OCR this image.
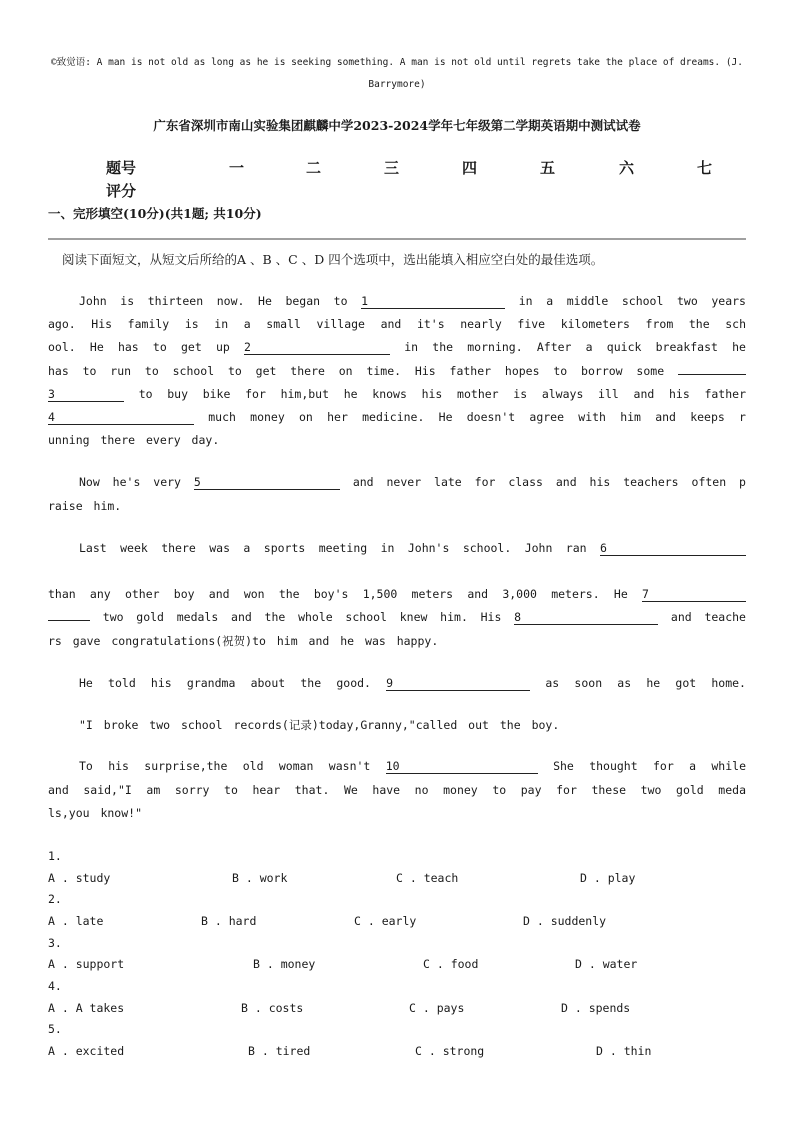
©致觉语: A man is not old as long as he is seeking something. A man is not old until regrets take the place of dreams. (J. Barrymore)
广东省深圳市南山实验集团麒麟中学2023-2024学年七年级第二学期英语期中测试试卷
题号	一	二	三	四	五	六	七
评分
一、完形填空(10分)(共1题; 共10分)
阅读下面短文，从短文后所给的A 、B 、C 、D 四个选项中，选出能填入相应空白处的最佳选项。
John is thirteen now. He began to 1	in a middle school two years
ago. His family is in a small village and it's nearly five kilometers from the sch
ool. He has to get up 2	in the morning. After a quick breakfast he
has to run to school to get there on time. His father hopes to borrow some
3	to buy bike for him,but he knows his mother is always ill and his father
4	much money on her medicine. He doesn't agree with him and keeps r
unning there every day.
Now he's very 5	and never late for class and his teachers often p
raise him.
Last week there was a sports meeting in John's school. John ran 6
than any other boy and won the boy's 1,500 meters and 3,000 meters. He 7
two gold medals and the whole school knew him. His 8	and teache
rs gave congratulations(祝贺)to him and he was happy.
He told his grandma about the good. 9	as soon as he got home.
"I broke two school records(记录)today,Granny,"called out the boy.
To his surprise,the old woman wasn't 10	She thought for a while
and said,"I am sorry to hear that. We have no money to pay for these two gold meda
ls,you know!"
1.
A . study	B . work	C . teach	D . play
2.
A . late	B . hard	C . early	D . suddenly
3.
A . support	B . money	C . food	D . water
4.
A . A takes	B . costs	C . pays	D . spends
5.
A . excited	B . tired	C . strong	D . thin
